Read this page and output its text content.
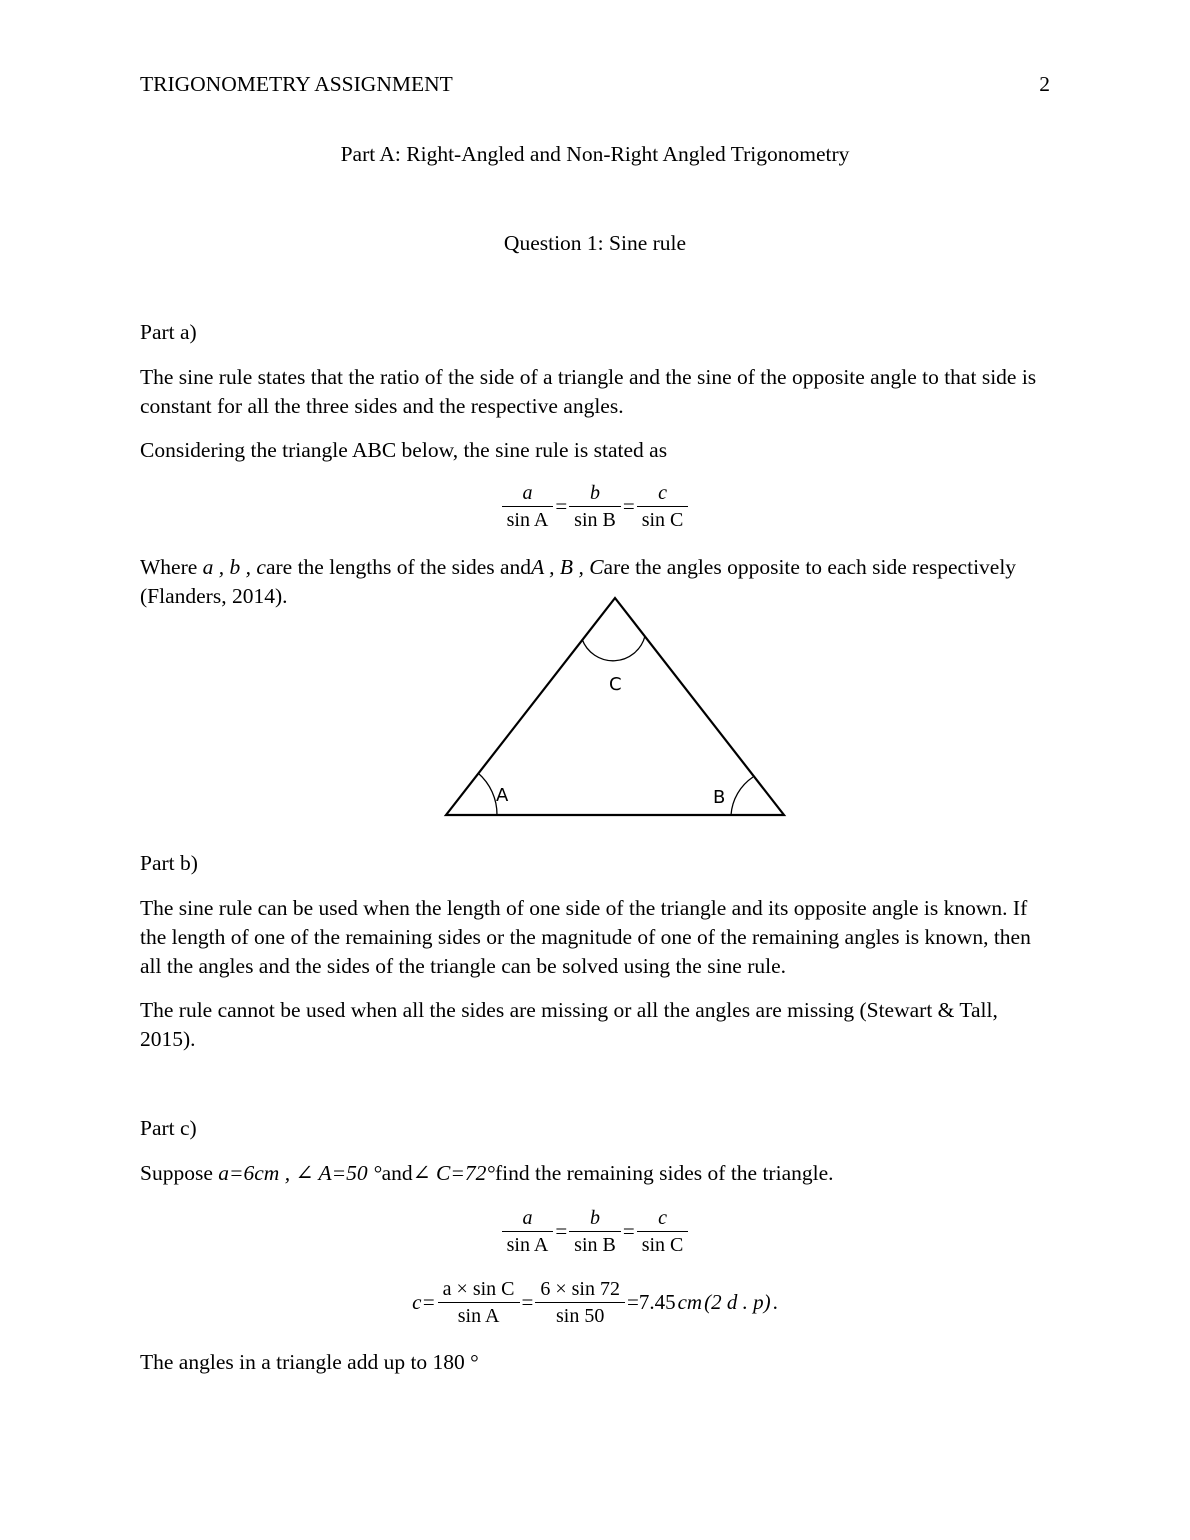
TRIGONOMETRY ASSIGNMENT	2
Part A: Right-Angled and Non-Right Angled Trigonometry
Question 1: Sine rule
Part a)
The sine rule states that the ratio of the side of a triangle and the sine of the opposite angle to that side is constant for all the three sides and the respective angles.
Considering the triangle ABC below, the sine rule is stated as
$\frac{a}{\text{sin A}} = \frac{b}{\text{sin B}} = \frac{c}{\text{sin C}}$
Where a , b , care the lengths of the sides andA , B , Care the angles opposite to each side respectively (Flanders, 2014).
C
A	B
Part b)
The sine rule can be used when the length of one side of the triangle and its opposite angle is known. If the length of one of the remaining sides or the magnitude of one of the remaining angles is known, then all the angles and the sides of the triangle can be solved using the sine rule.
The rule cannot be used when all the sides are missing or all the angles are missing (Stewart & Tall, 2015).
Part c)
Suppose a=6cm , ∠ A=50 °and∠ C=72°find the remaining sides of the triangle.
$\frac{a}{\text{sin A}} = \frac{b}{\text{sin B}} = \frac{c}{\text{sin C}}$
$c= \frac{\text{a × sin C}}{\text{sin A}} = \frac{6 \times \sin 72}{\sin 50} =7.45cm(2$ d . p).
The angles in a triangle add up to 180 °
